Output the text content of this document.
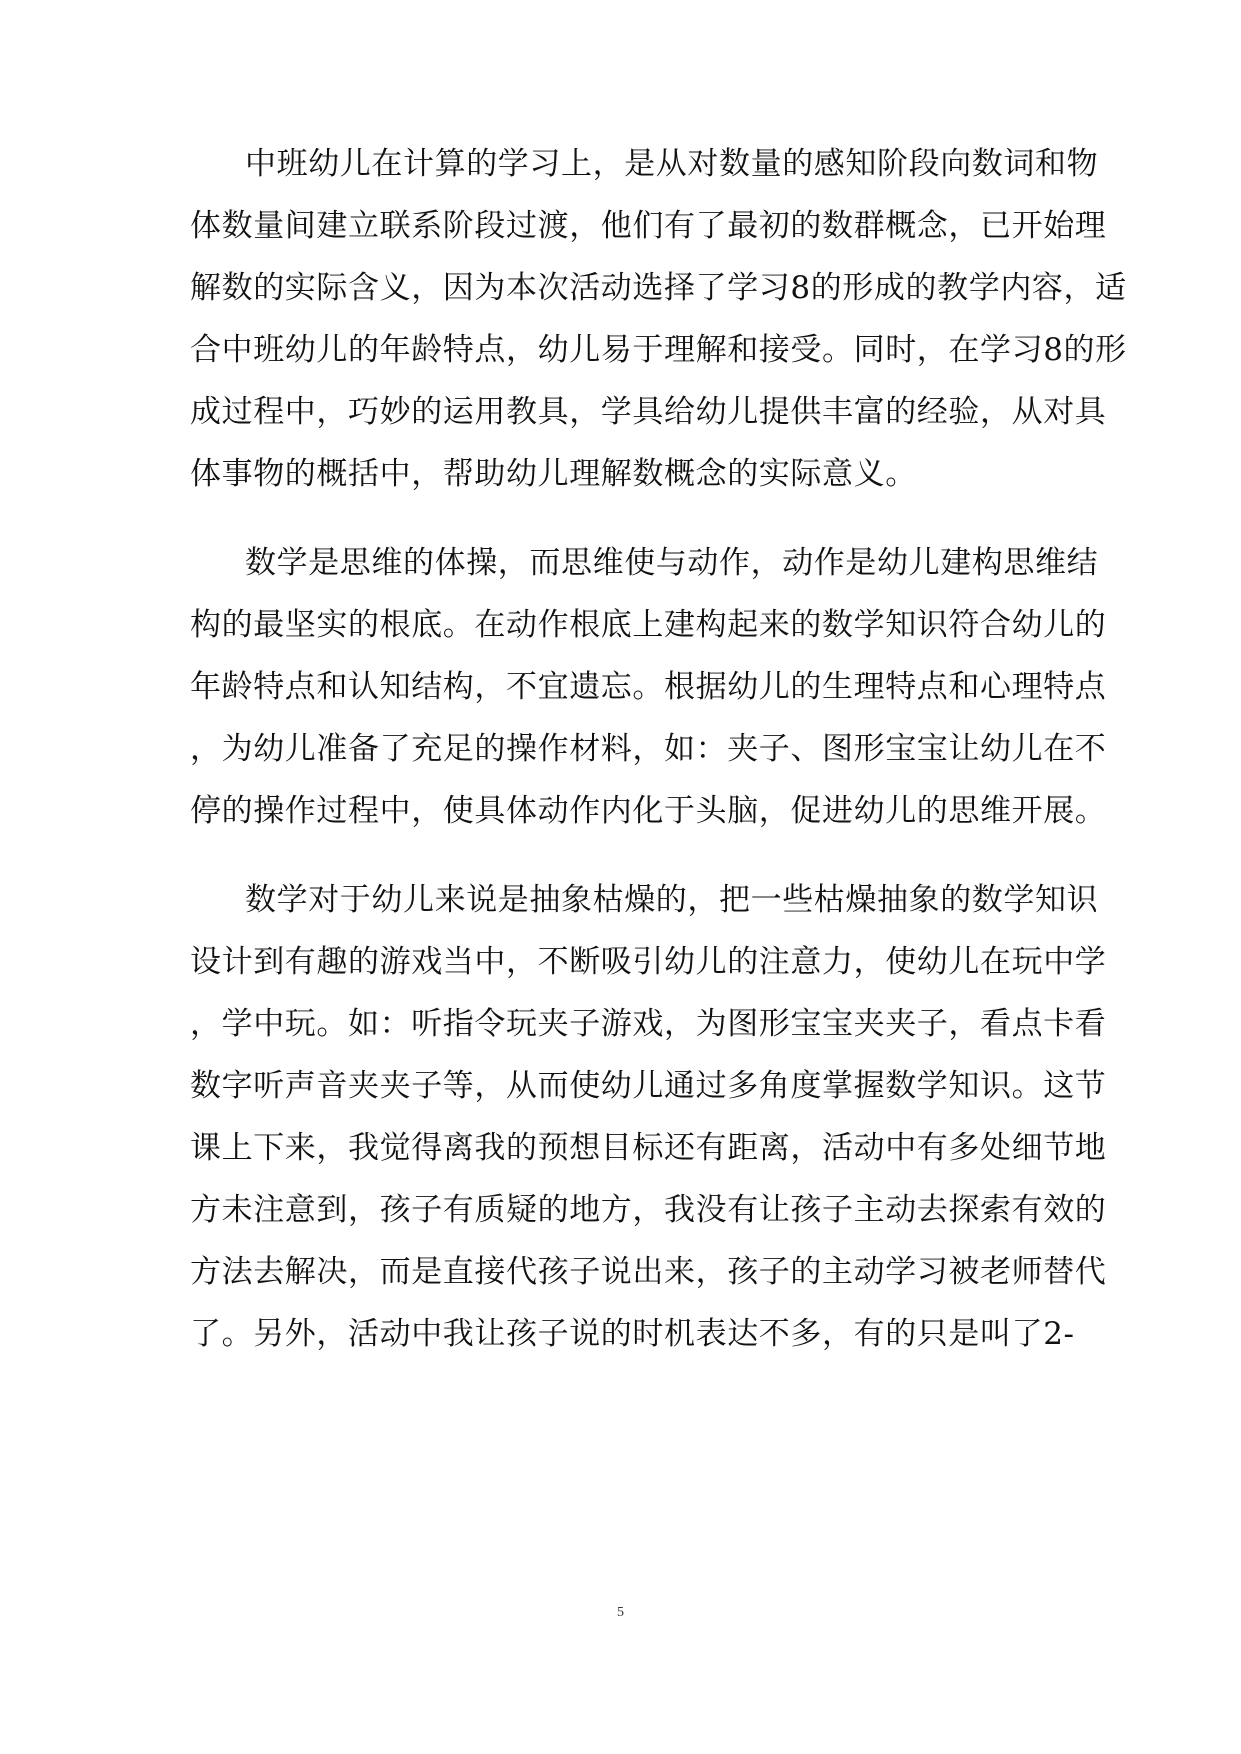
中班幼儿在计算的学习上，是从对数量的感知阶段向数词和物
体数量间建立联系阶段过渡，他们有了最初的数群概念，已开始理
解数的实际含义，因为本次活动选择了学习8的形成的教学内容，适
合中班幼儿的年龄特点，幼儿易于理解和接受。同时，在学习8的形
成过程中，巧妙的运用教具，学具给幼儿提供丰富的经验，从对具
体事物的概括中，帮助幼儿理解数概念的实际意义。
数学是思维的体操，而思维使与动作，动作是幼儿建构思维结
构的最坚实的根底。在动作根底上建构起来的数学知识符合幼儿的
年龄特点和认知结构，不宜遗忘。根据幼儿的生理特点和心理特点
，为幼儿准备了充足的操作材料，如：夹子、图形宝宝让幼儿在不
停的操作过程中，使具体动作内化于头脑，促进幼儿的思维开展。
数学对于幼儿来说是抽象枯燥的，把一些枯燥抽象的数学知识
设计到有趣的游戏当中，不断吸引幼儿的注意力，使幼儿在玩中学
，学中玩。如：听指令玩夹子游戏，为图形宝宝夹夹子，看点卡看
数字听声音夹夹子等，从而使幼儿通过多角度掌握数学知识。这节
课上下来，我觉得离我的预想目标还有距离，活动中有多处细节地
方未注意到，孩子有质疑的地方，我没有让孩子主动去探索有效的
方法去解决，而是直接代孩子说出来，孩子的主动学习被老师替代
了。另外，活动中我让孩子说的时机表达不多，有的只是叫了2-
5
